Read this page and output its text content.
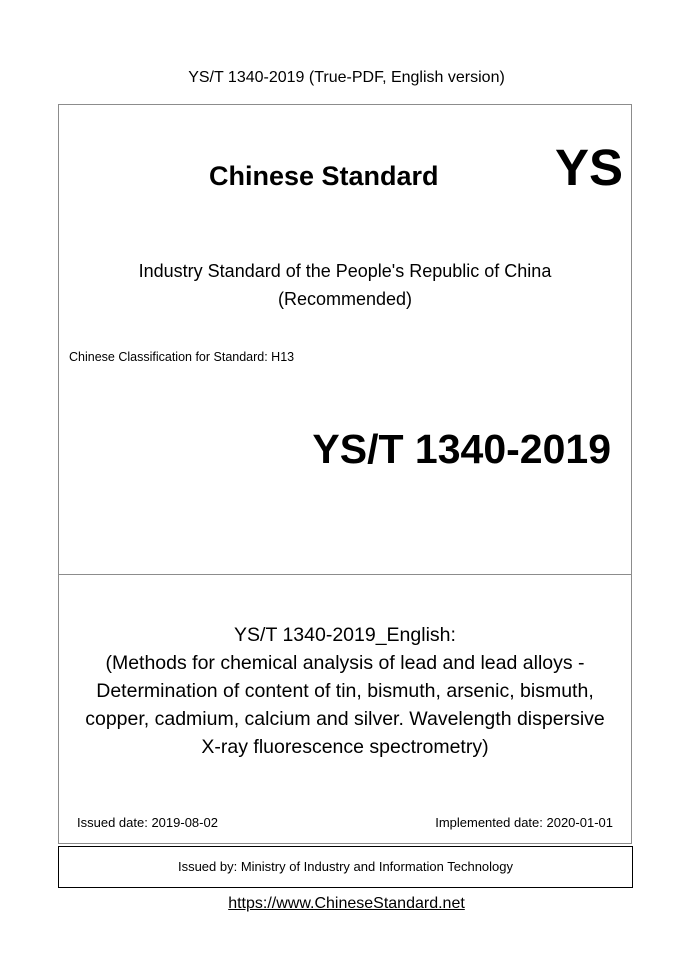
YS/T 1340-2019 (True-PDF, English version)
Chinese Standard YS
Industry Standard of the People's Republic of China
(Recommended)
Chinese Classification for Standard: H13
YS/T 1340-2019
YS/T 1340-2019_English:
(Methods for chemical analysis of lead and lead alloys -
Determination of content of tin, bismuth, arsenic, bismuth,
copper, cadmium, calcium and silver. Wavelength dispersive
X-ray fluorescence spectrometry)
Issued date: 2019-08-02	Implemented date: 2020-01-01
Issued by: Ministry of Industry and Information Technology
https://www.ChineseStandard.net
